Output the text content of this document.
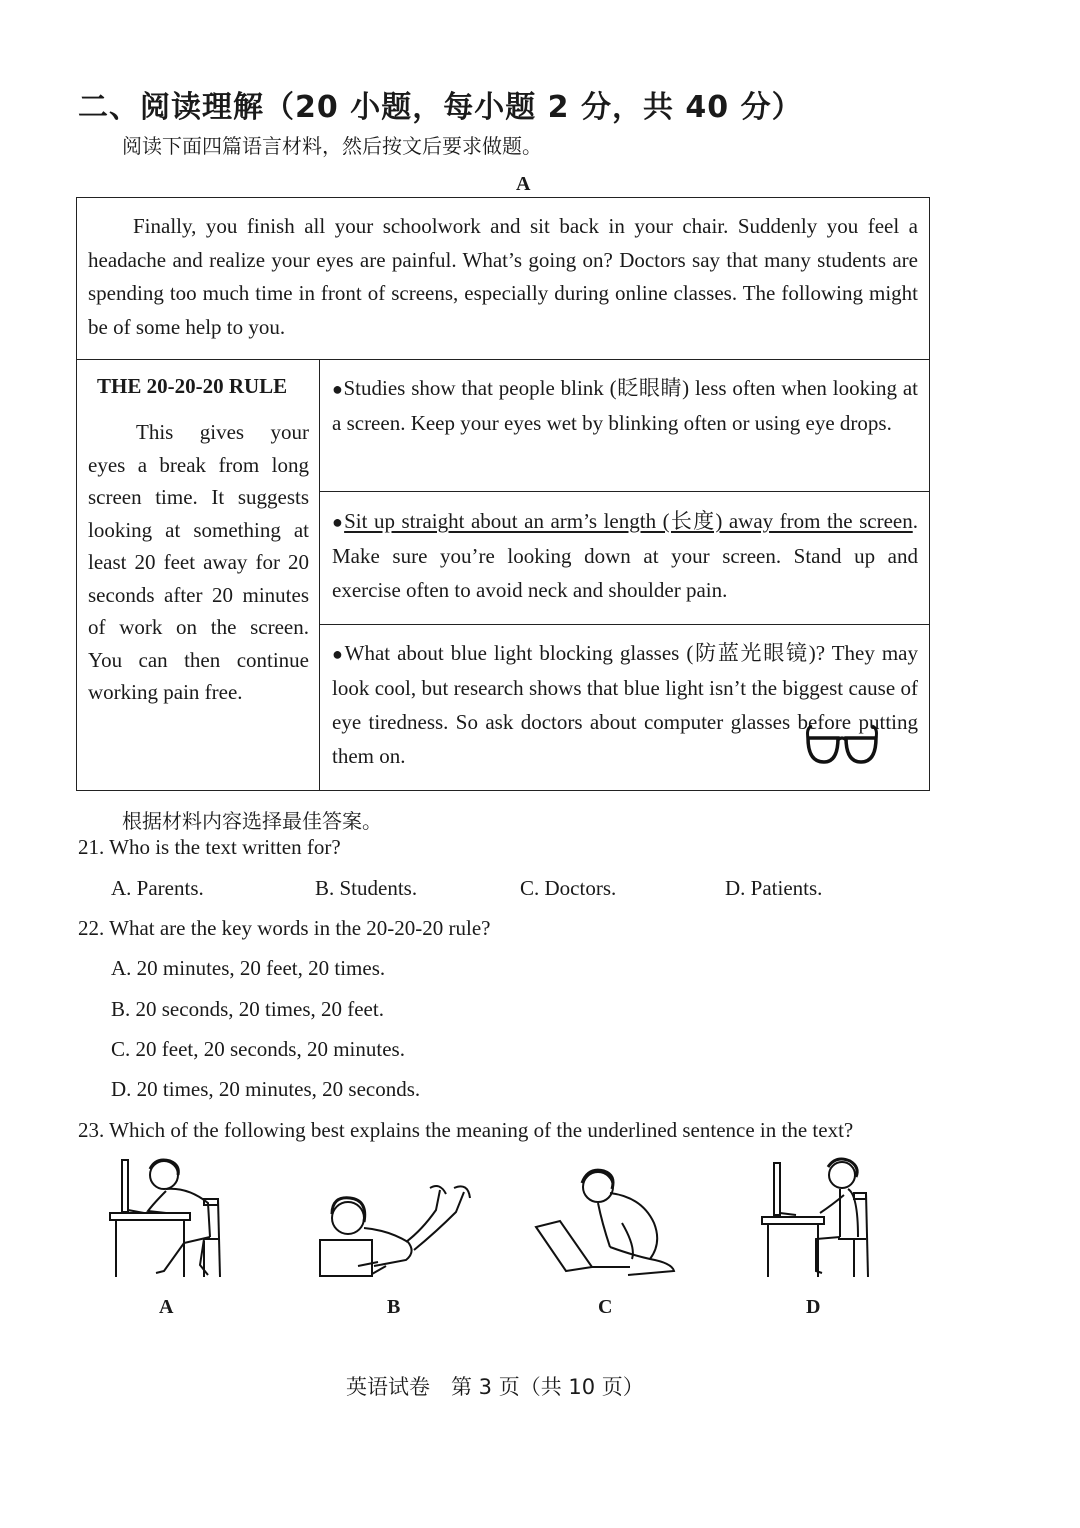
二、阅读理解（20 小题，每小题 2 分，共 40 分）
阅读下面四篇语言材料，然后按文后要求做题。
A
Finally, you finish all your schoolwork and sit back in your chair. Suddenly you feel a headache and realize your eyes are painful. What’s going on? Doctors say that many students are spending too much time in front of screens, especially during online classes. The following might be of some help to you.
THE 20-20-20 RULE
This gives your eyes a break from long screen time. It suggests looking at something at least 20 feet away for 20 seconds after 20 minutes of work on the screen. You can then continue working pain free.
●Studies show that people blink (眨眼睛) less often when looking at a screen. Keep your eyes wet by blinking often or using eye drops.
●Sit up straight about an arm’s length (长度) away from the screen. Make sure you’re looking down at your screen. Stand up and exercise often to avoid neck and shoulder pain.
●What about blue light blocking glasses (防蓝光眼镜)? They may look cool, but research shows that blue light isn’t the biggest cause of eye tiredness. So ask doctors about computer glasses before putting them on.
根据材料内容选择最佳答案。
21. Who is the text written for?
A. Parents.	B. Students.	C. Doctors.	D. Patients.
22. What are the key words in the 20-20-20 rule?
A. 20 minutes, 20 feet, 20 times.
B. 20 seconds, 20 times, 20 feet.
C. 20 feet, 20 seconds, 20 minutes.
D. 20 times, 20 minutes, 20 seconds.
23. Which of the following best explains the meaning of the underlined sentence in the text?
A	B	C	D
英语试卷　第 3 页（共 10 页）
